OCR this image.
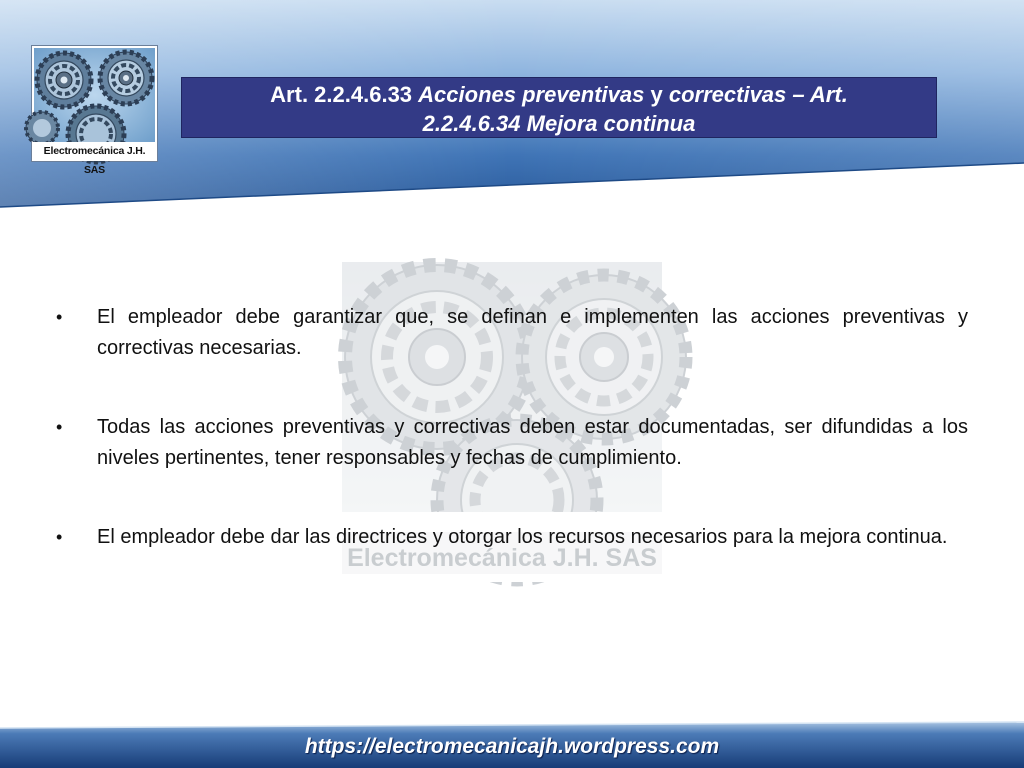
Electromecánica J.H. SAS
Art. 2.2.4.6.33 Acciones preventivas y correctivas – Art.
2.2.4.6.34 Mejora continua
Electromecánica J.H. SAS
•	El empleador debe garantizar que, se definan e implementen las acciones preventivas y correctivas necesarias.
•	Todas las acciones preventivas y correctivas deben estar documentadas, ser difundidas a los niveles pertinentes, tener responsables y fechas de cumplimiento.
•	El empleador debe dar las directrices y otorgar los recursos necesarios para la mejora continua.
https://electromecanicajh.wordpress.com
